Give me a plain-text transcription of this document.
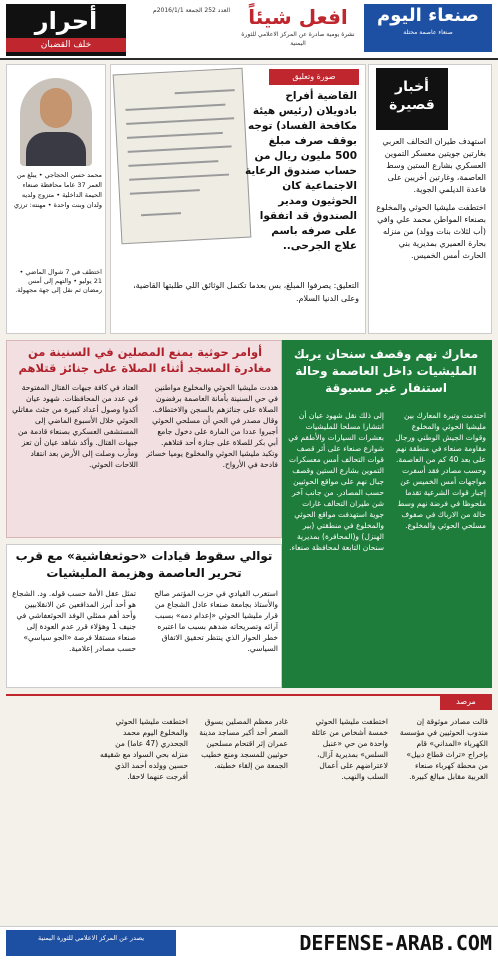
صنعاء اليوم
صنعاء عاصمة محتلة
افعل شيئاً
نشرة يومية صادرة عن المركز الاعلامي للثورة اليمنية
العدد 252 الجمعة 2016/1/1م
أحرار
خلف القضبان
محمد حسن الحجاجي • يبلغ من العمر 37 عاما محافظة صنعاء الحيمة الداخلية • متزوج ولديه ولدان وبنت واحدة • مهنته: ترزي
اختطف في 7 شوال الماضي • 21 يوليو • والتهم إلى أمس رمضان ثم نقل إلى جهة مجهولة.
صورة وتعليق
القاضية أفراح بادويلان (رئيس هيئة مكافحة الفساد) توجه بوقف صرف مبلغ 500 مليون ريال من حساب صندوق الرعاية الاجتماعية كان الحوثيون ومدير الصندوق قد اتفقوا على صرفه باسم علاج الجرحى..
التعليق: يصرفوا المبلغ، بس بعدما تكتمل الوثائق اللي طلبتها القاضية، وعلى الدنيا السلام.
أخبار قصيرة

استهدف طيران التحالف العربي بغارتين جويتين معسكر التموين العسكري بشارع الستين وسط العاصمة، وغارتين أخريين على قاعدة الديلمي الجوية.

اختطفت مليشيا الحوثي والمخلوع بصنعاء المواطن محمد علي وافي (أب لثلاث بنات وولد) من منزله بحارة العميري بمديرية بني الحارث أمس الخميس.

معارك نهم وقصف سنحان يربك المليشيات داخل العاصمة وحالة استنفار غير مسبوقة
إلى ذلك نقل شهود عيان أن انتشارا مسلحا للمليشيات بعشرات السيارات والأطقم في شوارع صنعاء على أثر قصف قوات التحالف أمس معسكرات التموين بشارع الستين وقصف جبال نهم على مواقع الحوثيين حسب المصادر. من جانب آخر شن طيران التحالف غارات جوية استهدفت مواقع الحوثي والمخلوع في منطقتي (بير الهنزل) و(المحافرة) بمديرية سنحان التابعة لمحافظة صنعاء.
احتدمت وتيرة المعارك بين مليشيا الحوثي والمخلوع وقوات الجيش الوطني ورجال مقاومة صنعاء في منطقة نهم على بعد 40 كم من العاصمة. وحسب مصادر فقد أسفرت مواجهات أمس الخميس عن إجبار قوات الشرعية تقدما ملحوظا في فرضة نهم وسط حالة من الارباك في صفوف مسلحي الحوثي والمخلوع.
أوامر حوثية بمنع المصلين في السنينة من مغادرة المسجد أثناء الصلاة على جنائز قتلاهم
العتاد في كافة جبهات القتال المفتوحة في عدد من المحافظات. شهود عيان أكدوا وصول أعداد كبيرة من جثث مقاتلي الحوثي خلال الأسبوع الماضي إلى المستشفى العسكري بصنعاء قادمة من جبهات القتال. وأكد شاهد عيان أن تعز ومأرب وصلت إلى الأرض بعد انتقاد اللاحات الحوثي.
هددت مليشيا الحوثي والمخلوع مواطنين في حي السنينة بأمانة العاصمة برفضون الصلاة على جنائزهم بالسجن والاختطاف. وقال مصدر في الحي أن مسلحي الحوثي أجبروا عددا من المارة على دخول جامع أبي بكر للصلاة على جنازة أحد قتلاهم. وتكبد مليشيا الحوثي والمخلوع يوميا خسائر فادحة في الأرواح.
توالي سقوط قيادات «حوثعفاشية» مع قرب تحرير العاصمة وهزيمة المليشيات
تمثل عقل الأمة حسب قوله. ود. الشجاع هو أحد أبرز المدافعين عن الانقلابيين وأحد أهم ممثلي الوفد الحوثعفاشي في جنيف 1 وهؤلاء قرر عدم العودة إلى صنعاء مستقلا فرصة «الجو سياسي» حسب مصادر إعلامية.
استغرب القيادي في حزب المؤتمر صالح والأستاذ بجامعة صنعاء عادل الشجاع من قرار مليشيا الحوثي «إعدام دمه» بسبب آرائه وتصريحاته ضدهم بسبب ما اعتبره خطر الحوار الذي ينتظر تحقيق الاتفاق السياسي.
مرصد
قالت مصادر موثوقة إن مندوب الحوثيين في مؤسسة الكهرباء «المداني» قام بإخراج «تراث قطاع دبيل» من محطة كهرباء صنعاء الغربية مقابل مبالغ كبيرة.
اختطفت مليشيا الحوثي خمسة أشخاص من عائلة واحدة من حي «عنبل السلس» بمديرية آزال، لاعتراضهم على أعمال السلب والنهب.
غادر معظم المصلين بسوق الصعر أحد أكبر مساجد مدينة عمران إثر اقتحام مسلحين حوثيين للمسجد ومنع خطيب الجمعة من إلقاء خطبته.
اختطفت مليشيا الحوثي والمخلوع اليوم محمد الجحدري (47 عاما) من منزله بحي السواد مع شقيقه حسين وولده أحمد الذي أفرجت عنهما لاحقا.
يصدر عن المركز الاعلامي للثورة اليمنية	DEFENSE-ARAB.COM
